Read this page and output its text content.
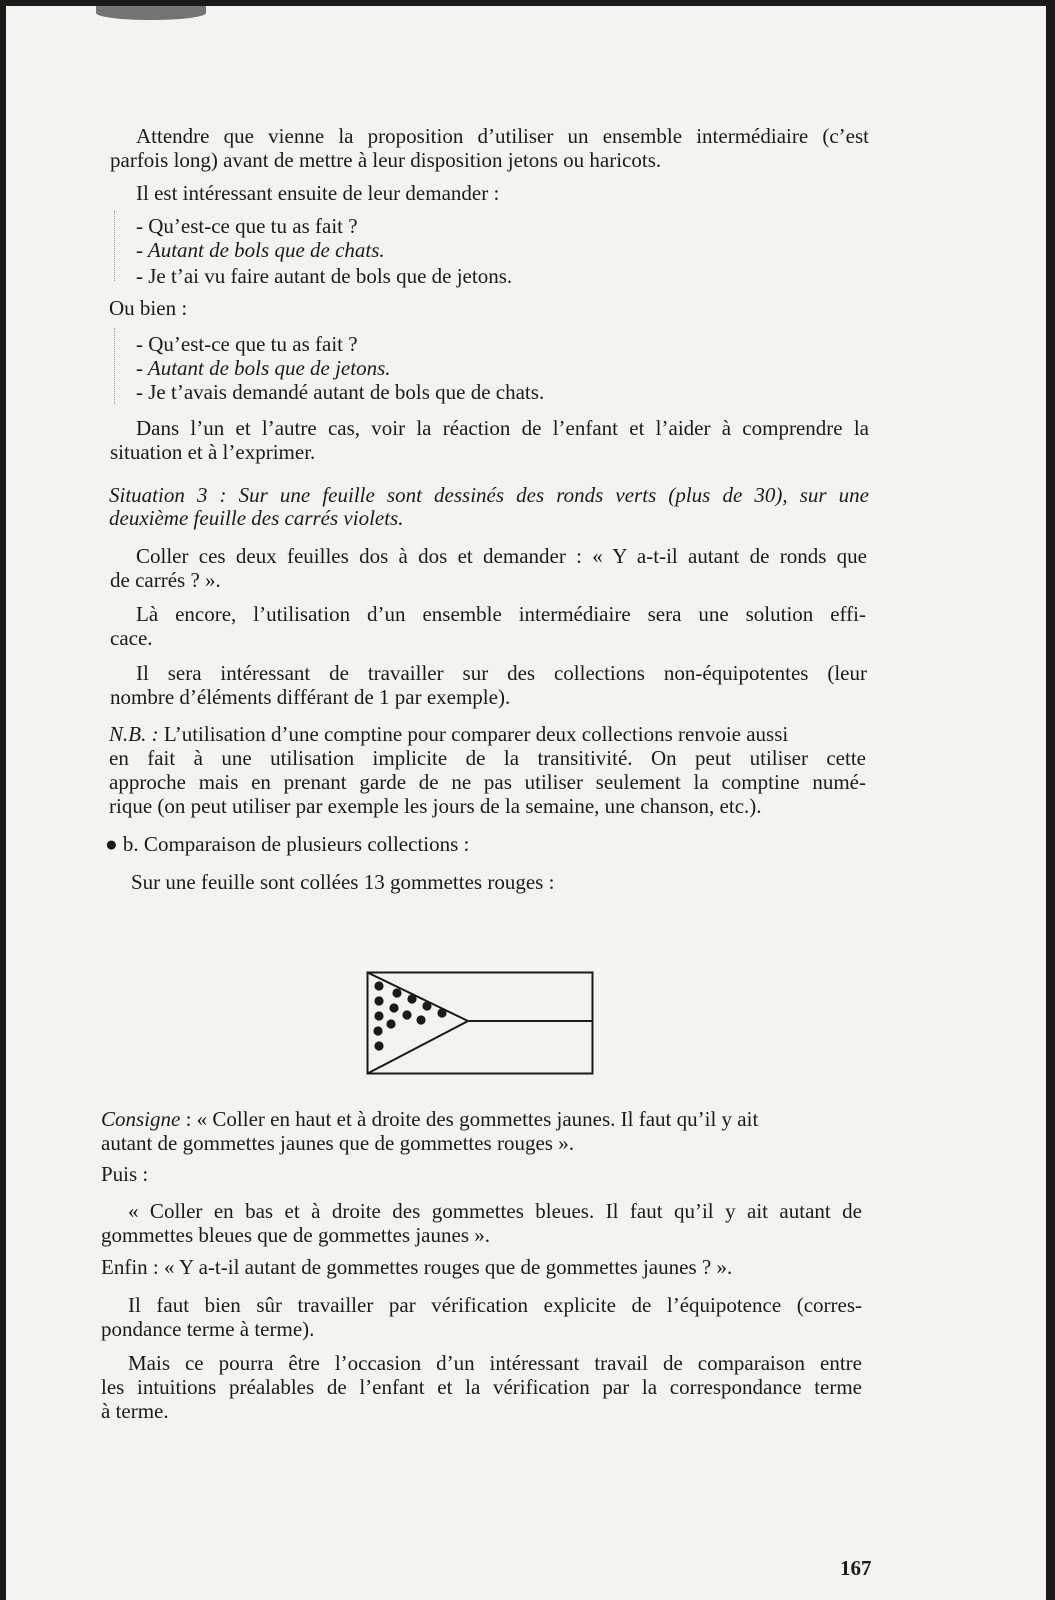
Attendre que vienne la proposition d’utiliser un ensemble intermédiaire (c’est
parfois long) avant de mettre à leur disposition jetons ou haricots.
Il est intéressant ensuite de leur demander :
- Qu’est-ce que tu as fait ?
- Autant de bols que de chats.
- Je t’ai vu faire autant de bols que de jetons.
Ou bien :
- Qu’est-ce que tu as fait ?
- Autant de bols que de jetons.
- Je t’avais demandé autant de bols que de chats.
Dans l’un et l’autre cas, voir la réaction de l’enfant et l’aider à comprendre la
situation et à l’exprimer.
Situation 3 : Sur une feuille sont dessinés des ronds verts (plus de 30), sur une
deuxième feuille des carrés violets.
Coller ces deux feuilles dos à dos et demander : « Y a-t-il autant de ronds que
de carrés ? ».
Là encore, l’utilisation d’un ensemble intermédiaire sera une solution effi-
cace.
Il sera intéressant de travailler sur des collections non-équipotentes (leur
nombre d’éléments différant de 1 par exemple).
N.B. : L’utilisation d’une comptine pour comparer deux collections renvoie aussi
en fait à une utilisation implicite de la transitivité. On peut utiliser cette
approche mais en prenant garde de ne pas utiliser seulement la comptine numé-
rique (on peut utiliser par exemple les jours de la semaine, une chanson, etc.).
● b. Comparaison de plusieurs collections :
Sur une feuille sont collées 13 gommettes rouges :
Consigne : « Coller en haut et à droite des gommettes jaunes. Il faut qu’il y ait
autant de gommettes jaunes que de gommettes rouges ».
Puis :
« Coller en bas et à droite des gommettes bleues. Il faut qu’il y ait autant de
gommettes bleues que de gommettes jaunes ».
Enfin : « Y a-t-il autant de gommettes rouges que de gommettes jaunes ? ».
Il faut bien sûr travailler par vérification explicite de l’équipotence (corres-
pondance terme à terme).
Mais ce pourra être l’occasion d’un intéressant travail de comparaison entre
les intuitions préalables de l’enfant et la vérification par la correspondance terme
à terme.
167
